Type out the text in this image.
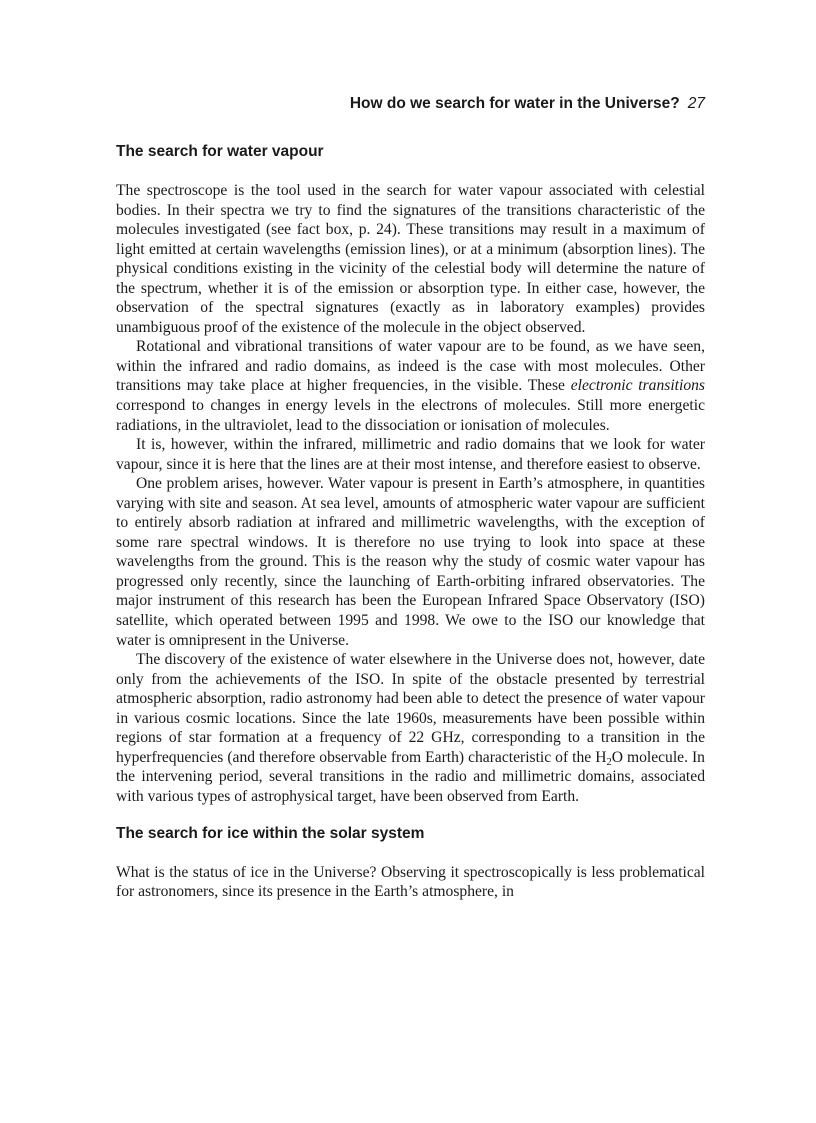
How do we search for water in the Universe? 27
The search for water vapour

The spectroscope is the tool used in the search for water vapour associated with celestial bodies. In their spectra we try to find the signatures of the transitions characteristic of the molecules investigated (see fact box, p. 24). These transitions may result in a maximum of light emitted at certain wavelengths (emission lines), or at a minimum (absorption lines). The physical conditions existing in the vicinity of the celestial body will determine the nature of the spectrum, whether it is of the emission or absorption type. In either case, however, the observation of the spectral signatures (exactly as in laboratory examples) provides unambiguous proof of the existence of the molecule in the object observed.

Rotational and vibrational transitions of water vapour are to be found, as we have seen, within the infrared and radio domains, as indeed is the case with most molecules. Other transitions may take place at higher frequencies, in the visible. These electronic transitions correspond to changes in energy levels in the electrons of molecules. Still more energetic radiations, in the ultraviolet, lead to the dissociation or ionisation of molecules.

It is, however, within the infrared, millimetric and radio domains that we look for water vapour, since it is here that the lines are at their most intense, and therefore easiest to observe.

One problem arises, however. Water vapour is present in Earth’s atmosphere, in quantities varying with site and season. At sea level, amounts of atmospheric water vapour are sufficient to entirely absorb radiation at infrared and millimetric wavelengths, with the exception of some rare spectral windows. It is therefore no use trying to look into space at these wavelengths from the ground. This is the reason why the study of cosmic water vapour has progressed only recently, since the launching of Earth-orbiting infrared observatories. The major instrument of this research has been the European Infrared Space Observatory (ISO) satellite, which operated between 1995 and 1998. We owe to the ISO our knowledge that water is omnipresent in the Universe.

The discovery of the existence of water elsewhere in the Universe does not, however, date only from the achievements of the ISO. In spite of the obstacle presented by terrestrial atmospheric absorption, radio astronomy had been able to detect the presence of water vapour in various cosmic locations. Since the late 1960s, measurements have been possible within regions of star formation at a frequency of 22 GHz, corresponding to a transition in the hyperfrequencies (and therefore observable from Earth) characteristic of the $H_2O$ molecule. In the intervening period, several transitions in the radio and millimetric domains, associated with various types of astrophysical target, have been observed from Earth.

The search for ice within the solar system

What is the status of ice in the Universe? Observing it spectroscopically is less problematical for astronomers, since its presence in the Earth’s atmosphere, in
